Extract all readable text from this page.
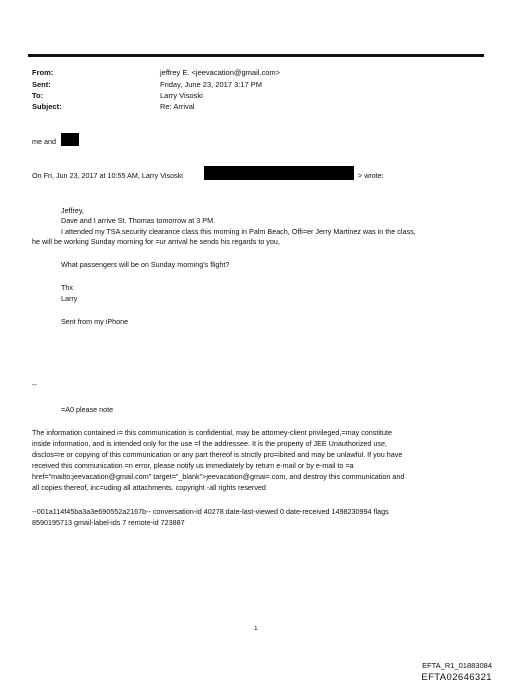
From:	jeffrey E. <jeevacation@gmail.com>
Sent:	Friday, June 23, 2017 3:17 PM
To:	Larry Visoski
Subject:	Re: Arrival
me and
On Fri, Jun 23, 2017 at 10:55 AM, Larry Visoski	> wrote:
Jeffrey,
Dave and I arrive St. Thomas tomorrow at 3 PM.
I attended my TSA security clearance class this morning in Palm Beach, Offi=er Jerry Martinez was in the class,
he will be working Sunday morning for =ur arrival he sends his regards to you,
What passengers will be on Sunday morning's flight?
Thx
Larry
Sent from my iPhone
--
=A0 please note
The information contained i= this communication is confidential, may be attorney-client privileged,=may constitute
inside information, and is intended only for the use =f the addressee. It is the property of JEE Unauthorized use,
disclos=re or copying of this communication or any part thereof is strictly pro=ibited and may be unlawful. If you have
received this communication =n error, please notify us immediately by return e-mail or by e-mail to =a
href="mailto:jeevacation@gmail.com" target="_blank">jeevacation@gmai=.com, and destroy this communication and
all copies thereof, inc=uding all attachments. copyright -all rights reserved
--001a114f45ba3a3e690552a2167b-- conversation-id 40278 date-last-viewed 0 date-received 1498230994 flags
8590195713 gmail-label-ids 7 remote-id 723887
1
EFTA_R1_01883084
EFTA02646321
